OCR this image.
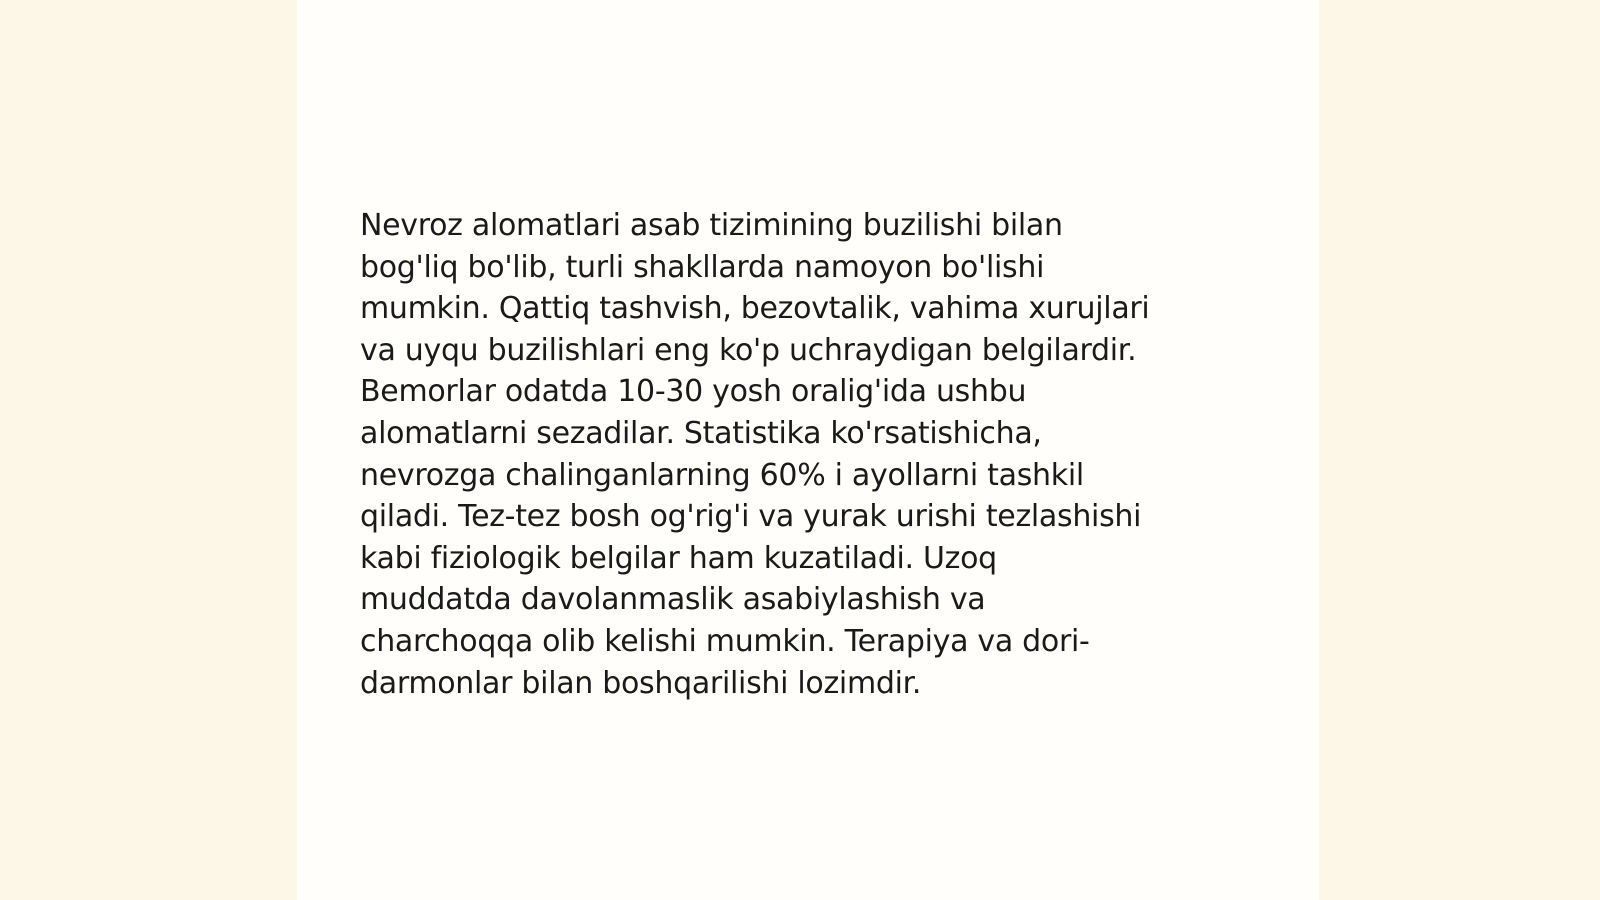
Nevroz alomatlari asab tizimining buzilishi bilan
bog'liq bo'lib, turli shakllarda namoyon bo'lishi
mumkin. Qattiq tashvish, bezovtalik, vahima xurujlari
va uyqu buzilishlari eng ko'p uchraydigan belgilardir.
Bemorlar odatda 10-30 yosh oralig'ida ushbu
alomatlarni sezadilar. Statistika ko'rsatishicha,
nevrozga chalinganlarning 60% i ayollarni tashkil
qiladi. Tez-tez bosh og'rig'i va yurak urishi tezlashishi
kabi fiziologik belgilar ham kuzatiladi. Uzoq
muddatda davolanmaslik asabiylashish va
charchoqqa olib kelishi mumkin. Terapiya va dori-
darmonlar bilan boshqarilishi lozimdir.
